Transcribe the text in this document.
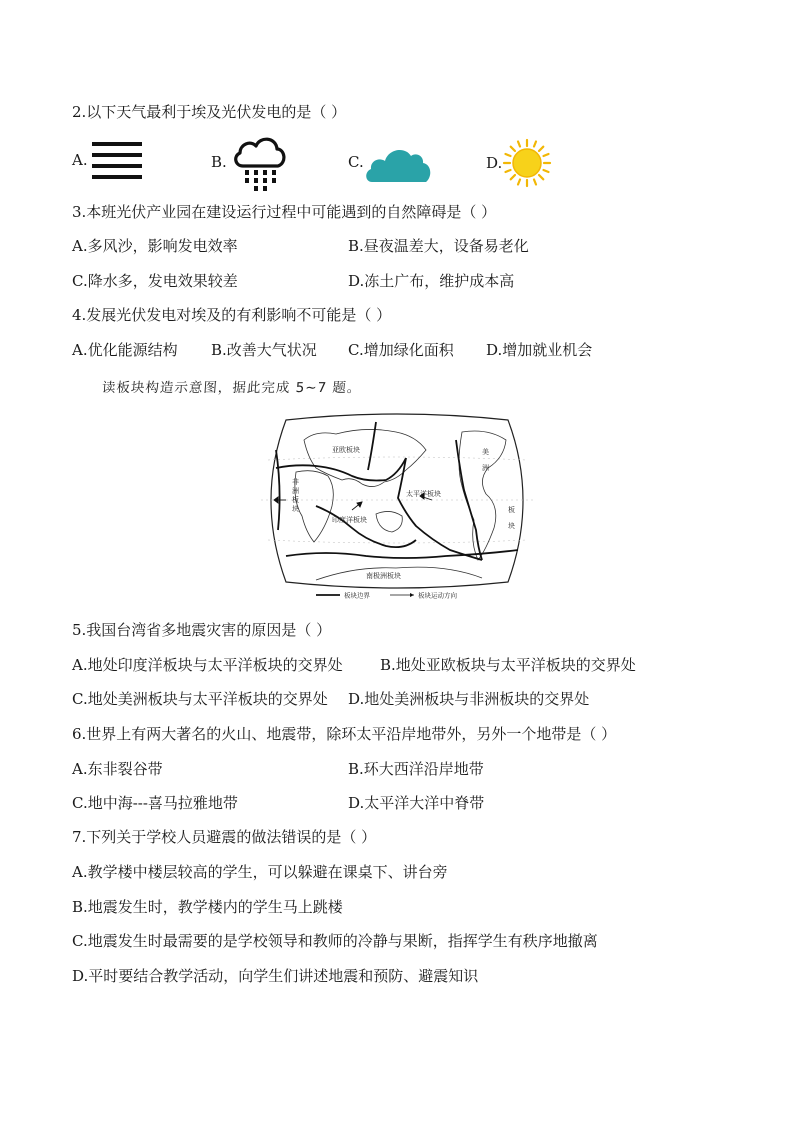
2.以下天气最利于埃及光伏发电的是（ ）
A.	B.	C.	D.
3.本班光伏产业园在建设运行过程中可能遇到的自然障碍是（ ）
A.多风沙，影响发电效率	B.昼夜温差大，设备易老化
C.降水多，发电效果较差	D.冻土广布，维护成本高
4.发展光伏发电对埃及的有利影响不可能是（ ）
A.优化能源结构 B.改善大气状况 C.增加绿化面积 D.增加就业机会
读板块构造示意图，据此完成 5~7 题。
亚欧板块
非
洲
板
块
印度洋板块
太平洋板块
美
洲
板
块
南极洲板块
板块边界	板块运动方向
5.我国台湾省多地震灾害的原因是（ ）
A.地处印度洋板块与太平洋板块的交界处 B.地处亚欧板块与太平洋板块的交界处
C.地处美洲板块与太平洋板块的交界处 D.地处美洲板块与非洲板块的交界处
6.世界上有两大著名的火山、地震带，除环太平沿岸地带外，另外一个地带是（ ）
A.东非裂谷带	B.环大西洋沿岸地带
C.地中海---喜马拉雅地带	D.太平洋大洋中脊带
7.下列关于学校人员避震的做法错误的是（ ）
A.教学楼中楼层较高的学生，可以躲避在课桌下、讲台旁
B.地震发生时，教学楼内的学生马上跳楼
C.地震发生时最需要的是学校领导和教师的冷静与果断，指挥学生有秩序地撤离
D.平时要结合教学活动，向学生们讲述地震和预防、避震知识
